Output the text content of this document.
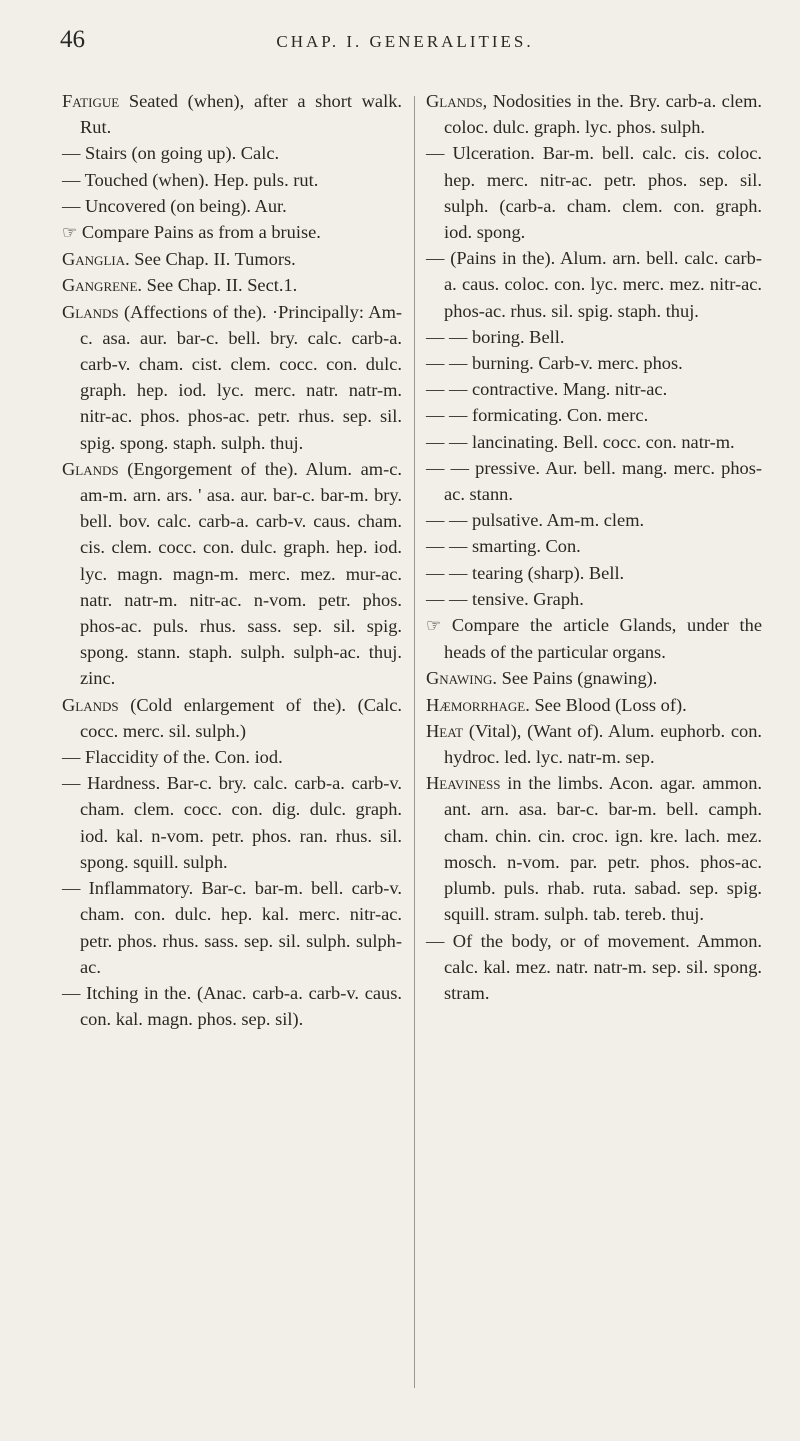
46	CHAP. I. GENERALITIES.

Fatigue Seated (when), after a short walk. Rut.

— Stairs (on going up). Calc.

— Touched (when). Hep. puls. rut.

— Uncovered (on being). Aur.

☞ Compare Pains as from a bruise.

Ganglia. See Chap. II. Tumors.

Gangrene. See Chap. II. Sect.1.

Glands (Affections of the). ·Principally: Am-c. asa. aur. bar-c. bell. bry. calc. carb-a. carb-v. cham. cist. clem. cocc. con. dulc. graph. hep. iod. lyc. merc. natr. natr-m. nitr-ac. phos. phos-ac. petr. rhus. sep. sil. spig. spong. staph. sulph. thuj.

Glands (Engorgement of the). Alum. am-c. am-m. arn. ars. ' asa. aur. bar-c. bar-m. bry. bell. bov. calc. carb-a. carb-v. caus. cham. cis. clem. cocc. con. dulc. graph. hep. iod. lyc. magn. magn-m. merc. mez. mur-ac. natr. natr-m. nitr-ac. n-vom. petr. phos. phos-ac. puls. rhus. sass. sep. sil. spig. spong. stann. staph. sulph. sulph-ac. thuj. zinc.

Glands (Cold enlargement of the). (Calc. cocc. merc. sil. sulph.)

— Flaccidity of the. Con. iod.

— Hardness. Bar-c. bry. calc. carb-a. carb-v. cham. clem. cocc. con. dig. dulc. graph. iod. kal. n-vom. petr. phos. ran. rhus. sil. spong. squill. sulph.

— Inflammatory. Bar-c. bar-m. bell. carb-v. cham. con. dulc. hep. kal. merc. nitr-ac. petr. phos. rhus. sass. sep. sil. sulph. sulph-ac.

— Itching in the. (Anac. carb-a. carb-v. caus. con. kal. magn. phos. sep. sil).

Glands, Nodosities in the. Bry. carb-a. clem. coloc. dulc. graph. lyc. phos. sulph.

— Ulceration. Bar-m. bell. calc. cis. coloc. hep. merc. nitr-ac. petr. phos. sep. sil. sulph. (carb-a. cham. clem. con. graph. iod. spong.

— (Pains in the). Alum. arn. bell. calc. carb-a. caus. coloc. con. lyc. merc. mez. nitr-ac. phos-ac. rhus. sil. spig. staph. thuj.

— — boring. Bell.

— — burning. Carb-v. merc. phos.

— — contractive. Mang. nitr-ac.

— — formicating. Con. merc.

— — lancinating. Bell. cocc. con. natr-m.

— — pressive. Aur. bell. mang. merc. phos-ac. stann.

— — pulsative. Am-m. clem.

— — smarting. Con.

— — tearing (sharp). Bell.

— — tensive. Graph.

☞ Compare the article Glands, under the heads of the particular organs.

Gnawing. See Pains (gnawing).

Hæmorrhage. See Blood (Loss of).

Heat (Vital), (Want of). Alum. euphorb. con. hydroc. led. lyc. natr-m. sep.

Heaviness in the limbs. Acon. agar. ammon. ant. arn. asa. bar-c. bar-m. bell. camph. cham. chin. cin. croc. ign. kre. lach. mez. mosch. n-vom. par. petr. phos. phos-ac. plumb. puls. rhab. ruta. sabad. sep. spig. squill. stram. sulph. tab. tereb. thuj.

— Of the body, or of movement. Ammon. calc. kal. mez. natr. natr-m. sep. sil. spong. stram.
